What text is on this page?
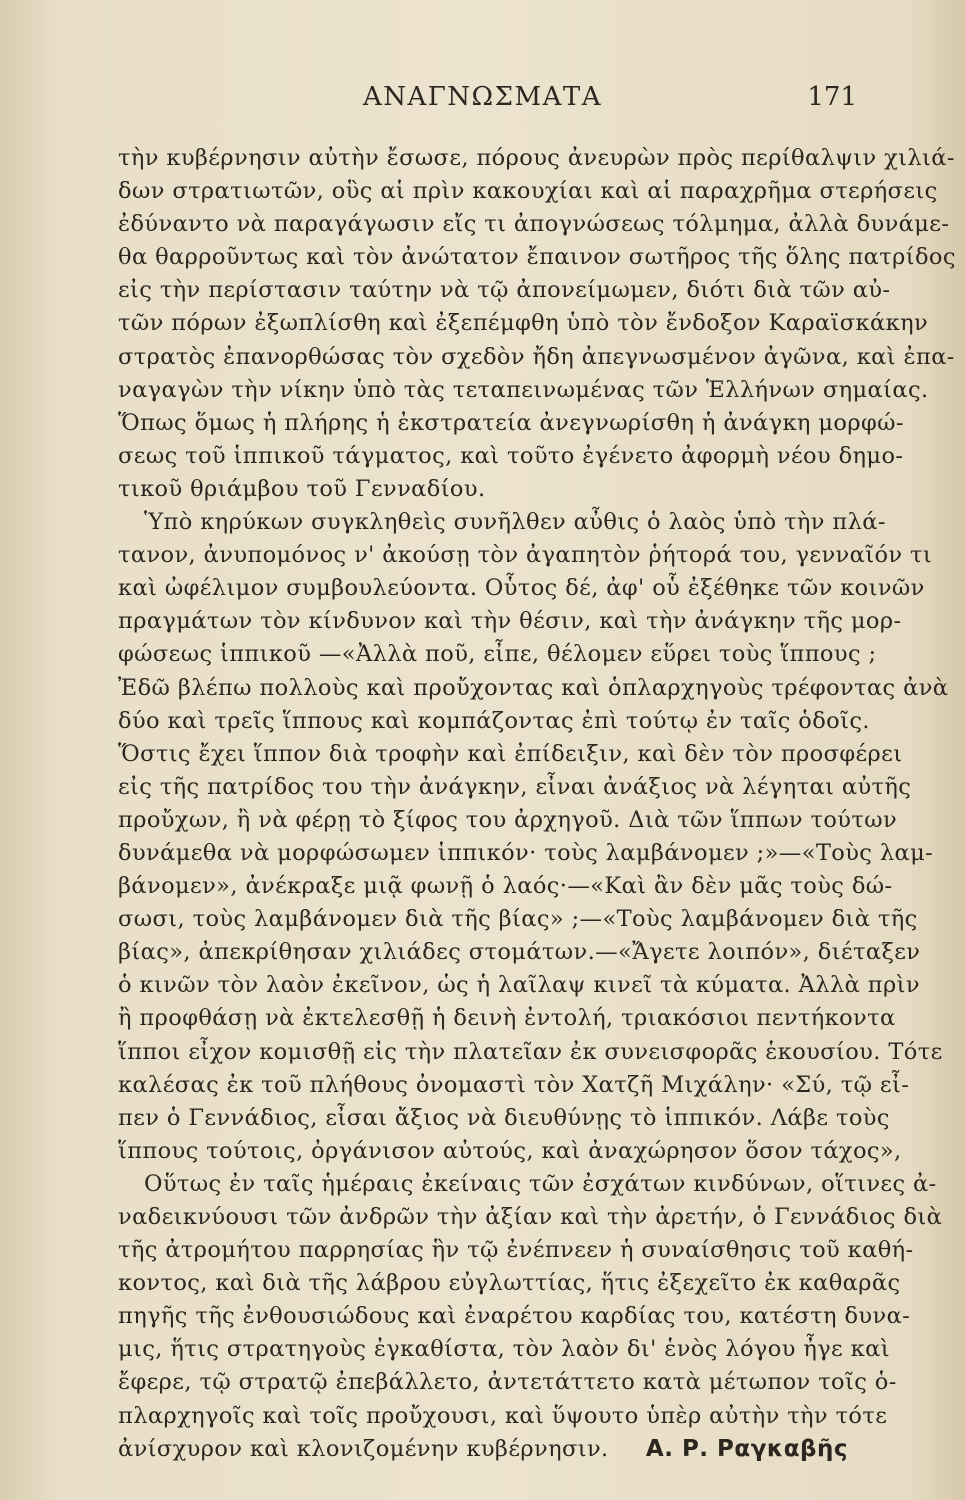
ΑΝΑΓΝΩΣΜΑΤΑ	171
τὴν κυβέρνησιν αὐτὴν ἔσωσε, πόρους ἀνευρὼν πρὸς περίθαλψιν χιλιά-
δων στρατιωτῶν, οὓς αἱ πρὶν κακουχίαι καὶ αἱ παραχρῆμα στερήσεις
ἐδύναντο νὰ παραγάγωσιν εἴς τι ἀπογνώσεως τόλμημα, ἀλλὰ δυνάμε-
θα θαρροῦντως καὶ τὸν ἀνώτατον ἔπαινον σωτῆρος τῆς ὅλης πατρίδος
εἰς τὴν περίστασιν ταύτην νὰ τῷ ἀπονείμωμεν, διότι διὰ τῶν αὐ-
τῶν πόρων ἐξωπλίσθη καὶ ἐξεπέμφθη ὑπὸ τὸν ἔνδοξον Καραϊσκάκην
στρατὸς ἐπανορθώσας τὸν σχεδὸν ἤδη ἀπεγνωσμένον ἀγῶνα, καὶ ἐπα-
ναγαγὼν τὴν νίκην ὑπὸ τὰς τεταπεινωμένας τῶν Ἑλλήνων σημαίας.
Ὅπως ὅμως ἡ πλήρης ἡ ἐκστρατεία ἀνεγνωρίσθη ἡ ἀνάγκη μορφώ-
σεως τοῦ ἱππικοῦ τάγματος, καὶ τοῦτο ἐγένετο ἀφορμὴ νέου δημο-
τικοῦ θριάμβου τοῦ Γενναδίου.
Ὑπὸ κηρύκων συγκληθεὶς συνῆλθεν αὖθις ὁ λαὸς ὑπὸ τὴν πλά-
τανον, ἀνυπομόνος ν' ἀκούσῃ τὸν ἀγαπητὸν ῥήτορά του, γενναῖόν τι
καὶ ὠφέλιμον συμβουλεύοντα. Οὗτος δέ, ἀφ' οὗ ἐξέθηκε τῶν κοινῶν
πραγμάτων τὸν κίνδυνον καὶ τὴν θέσιν, καὶ τὴν ἀνάγκην τῆς μορ-
φώσεως ἱππικοῦ —«Ἀλλὰ ποῦ, εἶπε, θέλομεν εὕρει τοὺς ἵππους ;
Ἐδῶ βλέπω πολλοὺς καὶ προὔχοντας καὶ ὁπλαρχηγοὺς τρέφοντας ἀνὰ
δύο καὶ τρεῖς ἵππους καὶ κομπάζοντας ἐπὶ τούτῳ ἐν ταῖς ὁδοῖς.
Ὅστις ἔχει ἵππον διὰ τροφὴν καὶ ἐπίδειξιν, καὶ δὲν τὸν προσφέρει
εἰς τῆς πατρίδος του τὴν ἀνάγκην, εἶναι ἀνάξιος νὰ λέγηται αὐτῆς
προὔχων, ἢ νὰ φέρῃ τὸ ξίφος του ἀρχηγοῦ. Διὰ τῶν ἵππων τούτων
δυνάμεθα νὰ μορφώσωμεν ἱππικόν· τοὺς λαμβάνομεν ;»—«Τοὺς λαμ-
βάνομεν», ἀνέκραξε μιᾷ φωνῇ ὁ λαός·—«Καὶ ἂν δὲν μᾶς τοὺς δώ-
σωσι, τοὺς λαμβάνομεν διὰ τῆς βίας» ;—«Τοὺς λαμβάνομεν διὰ τῆς
βίας», ἀπεκρίθησαν χιλιάδες στομάτων.—«Ἄγετε λοιπόν», διέταξεν
ὁ κινῶν τὸν λαὸν ἐκεῖνον, ὡς ἡ λαῖλαψ κινεῖ τὰ κύματα. Ἀλλὰ πρὶν
ἢ προφθάσῃ νὰ ἐκτελεσθῇ ἡ δεινὴ ἐντολή, τριακόσιοι πεντήκοντα
ἵπποι εἶχον κομισθῇ εἰς τὴν πλατεῖαν ἐκ συνεισφορᾶς ἑκουσίου. Τότε
καλέσας ἐκ τοῦ πλήθους ὀνομαστὶ τὸν Χατζῆ Μιχάλην· «Σύ, τῷ εἶ-
πεν ὁ Γεννάδιος, εἶσαι ἄξιος νὰ διευθύνῃς τὸ ἱππικόν. Λάβε τοὺς
ἵππους τούτοις, ὀργάνισον αὐτούς, καὶ ἀναχώρησον ὅσον τάχος»,
Οὕτως ἐν ταῖς ἡμέραις ἐκείναις τῶν ἐσχάτων κινδύνων, οἵτινες ἀ-
ναδεικνύουσι τῶν ἀνδρῶν τὴν ἀξίαν καὶ τὴν ἀρετήν, ὁ Γεννάδιος διὰ
τῆς ἀτρομήτου παρρησίας ἣν τῷ ἐνέπνεεν ἡ συναίσθησις τοῦ καθή-
κοντος, καὶ διὰ τῆς λάβρου εὐγλωττίας, ἥτις ἐξεχεῖτο ἐκ καθαρᾶς
πηγῆς τῆς ἐνθουσιώδους καὶ ἐναρέτου καρδίας του, κατέστη δυνα-
μις, ἥτις στρατηγοὺς ἐγκαθίστα, τὸν λαὸν δι' ἑνὸς λόγου ἦγε καὶ
ἔφερε, τῷ στρατῷ ἐπεβάλλετο, ἀντετάττετο κατὰ μέτωπον τοῖς ὁ-
πλαρχηγοῖς καὶ τοῖς προὔχουσι, καὶ ὕψουτο ὑπὲρ αὐτὴν τὴν τότε
ἀνίσχυρον καὶ κλονιζομένην κυβέρνησιν. Α. Ρ. Ραγκαβῆς
